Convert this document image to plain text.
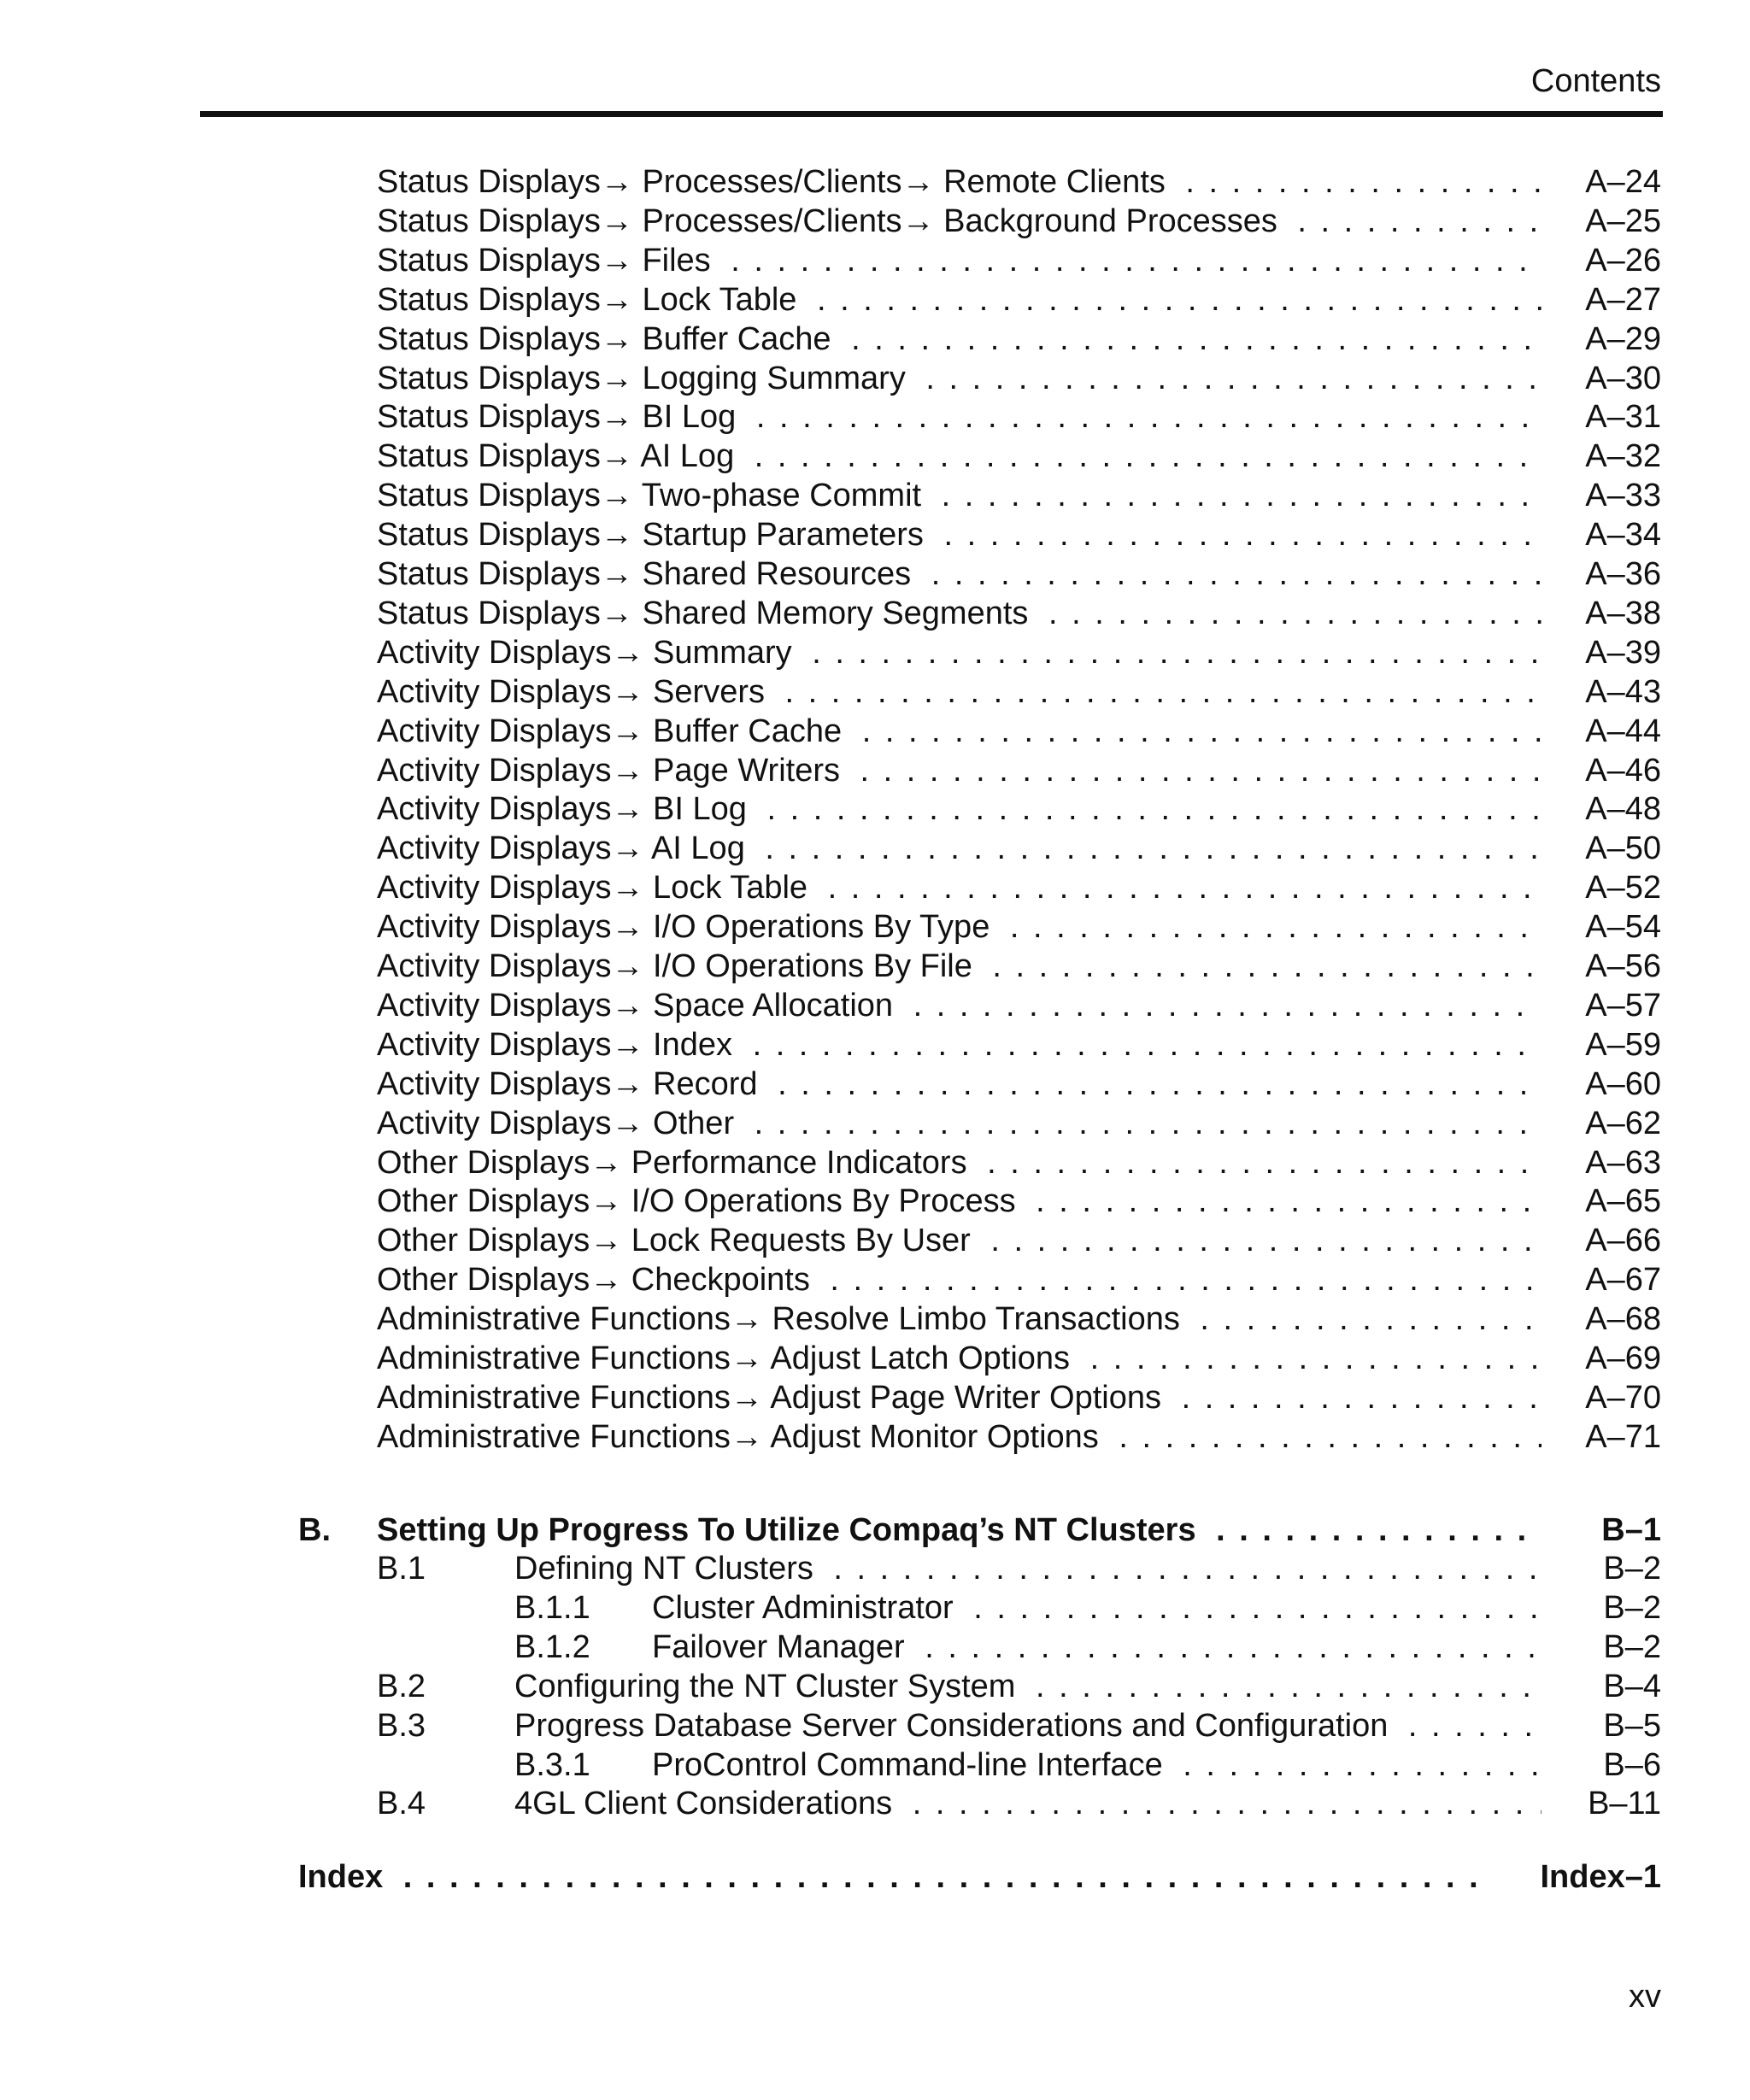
Contents
Status Displays→ Processes/Clients→ Remote Clients . . .	A–24
Status Displays→ Processes/Clients→ Background Processes . . .	A–25
Status Displays→ Files . . .	A–26
Status Displays→ Lock Table . . .	A–27
Status Displays→ Buffer Cache . . .	A–29
Status Displays→ Logging Summary . . .	A–30
Status Displays→ BI Log . . .	A–31
Status Displays→ AI Log . . .	A–32
Status Displays→ Two-phase Commit . . .	A–33
Status Displays→ Startup Parameters . . .	A–34
Status Displays→ Shared Resources . . .	A–36
Status Displays→ Shared Memory Segments . . .	A–38
Activity Displays→ Summary . . .	A–39
Activity Displays→ Servers . . .	A–43
Activity Displays→ Buffer Cache . . .	A–44
Activity Displays→ Page Writers . . .	A–46
Activity Displays→ BI Log . . .	A–48
Activity Displays→ AI Log . . .	A–50
Activity Displays→ Lock Table . . .	A–52
Activity Displays→ I/O Operations By Type . . .	A–54
Activity Displays→ I/O Operations By File . . .	A–56
Activity Displays→ Space Allocation . . .	A–57
Activity Displays→ Index . . .	A–59
Activity Displays→ Record . . .	A–60
Activity Displays→ Other . . .	A–62
Other Displays→ Performance Indicators . . .	A–63
Other Displays→ I/O Operations By Process . . .	A–65
Other Displays→ Lock Requests By User . . .	A–66
Other Displays→ Checkpoints . . .	A–67
Administrative Functions→ Resolve Limbo Transactions . . .	A–68
Administrative Functions→ Adjust Latch Options . . .	A–69
Administrative Functions→ Adjust Page Writer Options . . .	A–70
Administrative Functions→ Adjust Monitor Options . . .	A–71
B. Setting Up Progress To Utilize Compaq’s NT Clusters . . .	B–1
B.1	Defining NT Clusters . . .	B–2
B.1.1 Cluster Administrator . . .	B–2
B.1.2 Failover Manager . . .	B–2
B.2	Configuring the NT Cluster System . . .	B–4
B.3	Progress Database Server Considerations and Configuration . . .	B–5
B.3.1 ProControl Command-line Interface . . .	B–6
B.4	4GL Client Considerations . . .	B–11
Index . . .	Index–1
xv
